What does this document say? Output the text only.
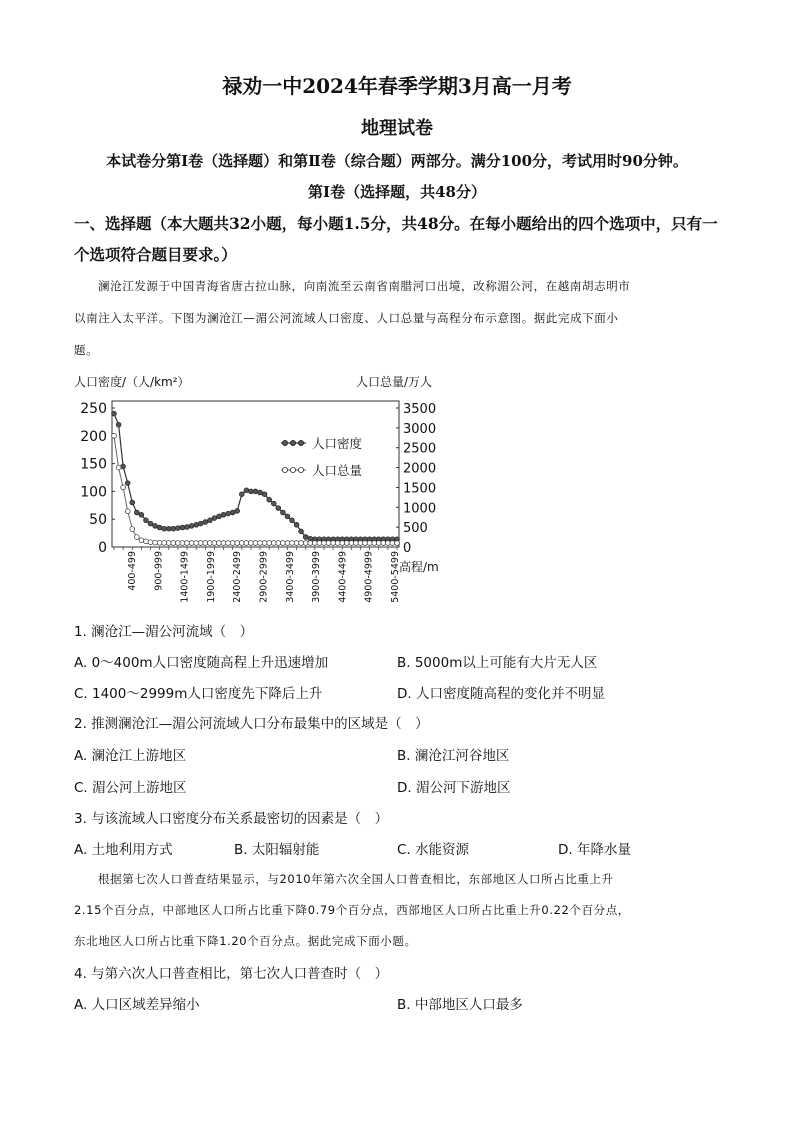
禄劝一中2024年春季学期3月高一月考
地理试卷
本试卷分第Ⅰ卷（选择题）和第Ⅱ卷（综合题）两部分。满分100分，考试用时90分钟。
第Ⅰ卷（选择题，共48分）
一、选择题（本大题共32小题，每小题1.5分，共48分。在每小题给出的四个选项中，只有一个选项符合题目要求。）
澜沧江发源于中国青海省唐古拉山脉，向南流至云南省南腊河口出境，改称湄公河，在越南胡志明市
以南注入太平洋。下图为澜沧江—湄公河流域人口密度、人口总量与高程分布示意图。据此完成下面小
题。
人口密度/（人/km²）	人口总量/万人
250
200
150
100
50
0
3500
3000
2500
2000
1500
1000
500
0
400-499 900-999 1400-1499 1900-1999 2400-2499 2900-2999 3400-3499 3900-3999 4400-4499 4900-4999 5400-5499
人口密度
人口总量
高程/m
1. 澜沧江—湄公河流域（　）
A. 0～400m人口密度随高程上升迅速增加	B. 5000m以上可能有大片无人区
C. 1400～2999m人口密度先下降后上升	D. 人口密度随高程的变化并不明显
2. 推测澜沧江—湄公河流域人口分布最集中的区域是（　）
A. 澜沧江上游地区	B. 澜沧江河谷地区
C. 湄公河上游地区	D. 湄公河下游地区
3. 与该流域人口密度分布关系最密切的因素是（　）
A. 土地利用方式	B. 太阳辐射能	C. 水能资源	D. 年降水量
根据第七次人口普查结果显示，与2010年第六次全国人口普查相比，东部地区人口所占比重上升
2.15个百分点，中部地区人口所占比重下降0.79个百分点，西部地区人口所占比重上升0.22个百分点，
东北地区人口所占比重下降1.20个百分点。据此完成下面小题。
4. 与第六次人口普查相比，第七次人口普查时（　）
A. 人口区域差异缩小	B. 中部地区人口最多
